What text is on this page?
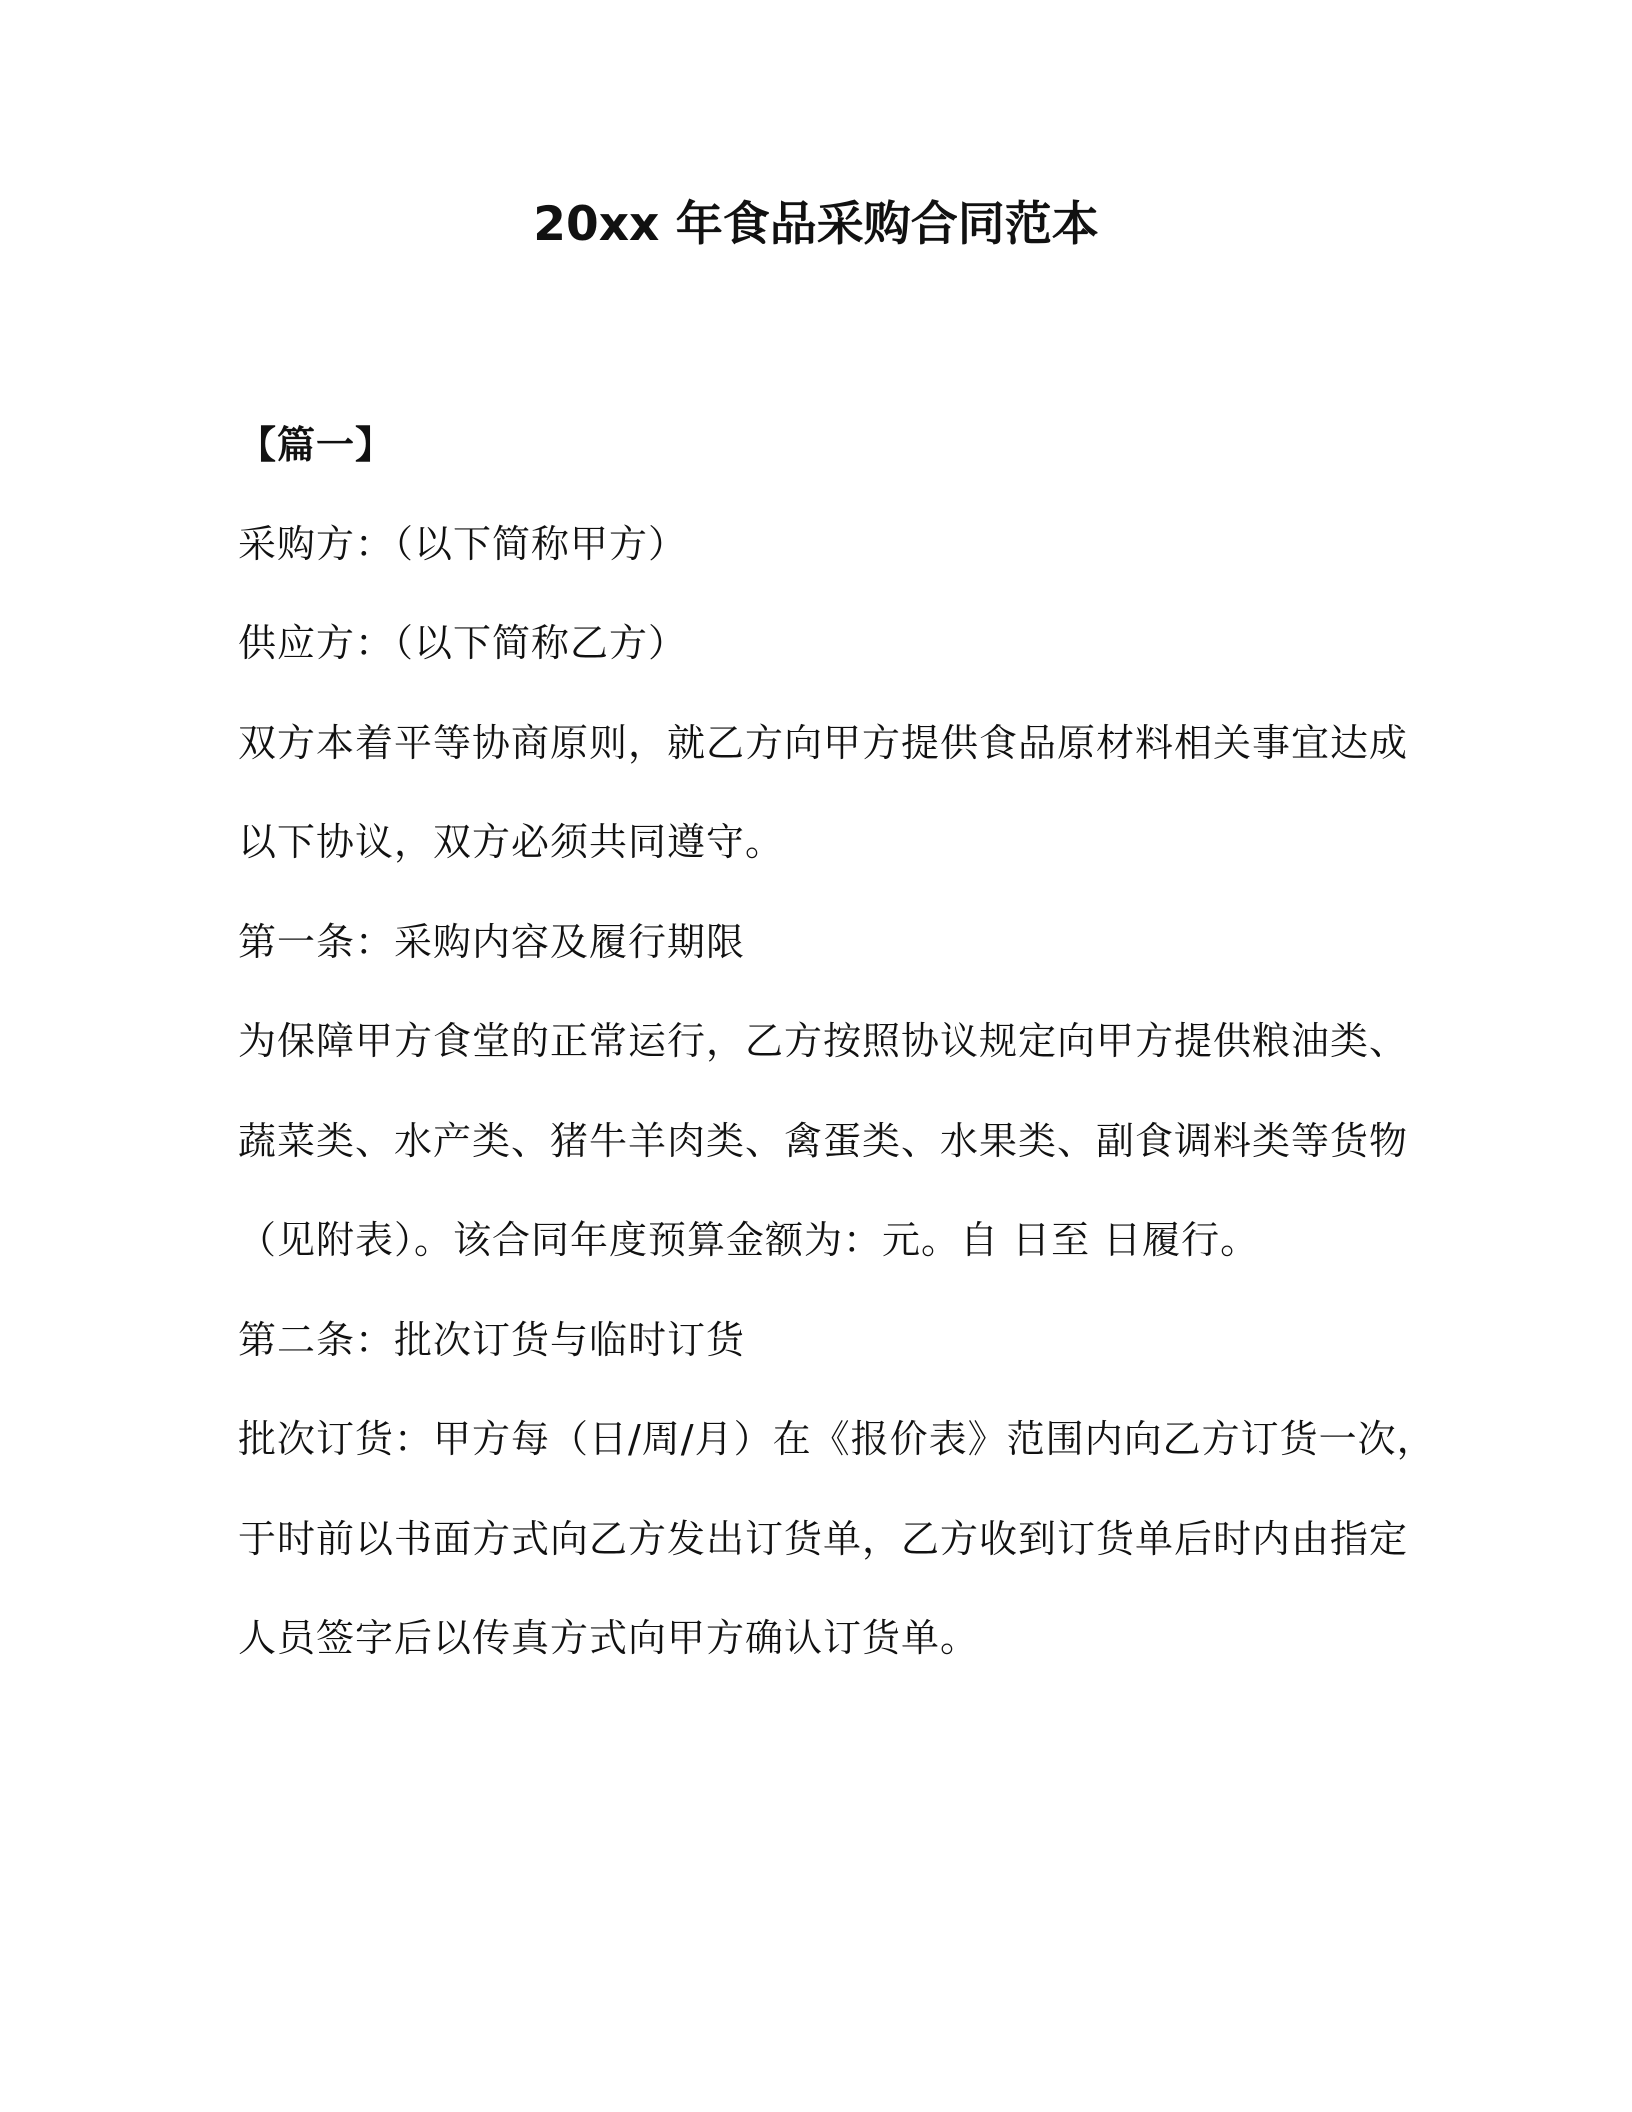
20xx 年食品采购合同范本
【篇一】
采购方：（以下简称甲方）
供应方：（以下简称乙方）
双方本着平等协商原则，就乙方向甲方提供食品原材料相关事宜达成
以下协议，双方必须共同遵守。
第一条：采购内容及履行期限
为保障甲方食堂的正常运行，乙方按照协议规定向甲方提供粮油类、
蔬菜类、水产类、猪牛羊肉类、禽蛋类、水果类、副食调料类等货物
（见附表）。该合同年度预算金额为：元。自 日至 日履行。
第二条：批次订货与临时订货
批次订货：甲方每（日/周/月）在《报价表》范围内向乙方订货一次，
于时前以书面方式向乙方发出订货单，乙方收到订货单后时内由指定
人员签字后以传真方式向甲方确认订货单。
